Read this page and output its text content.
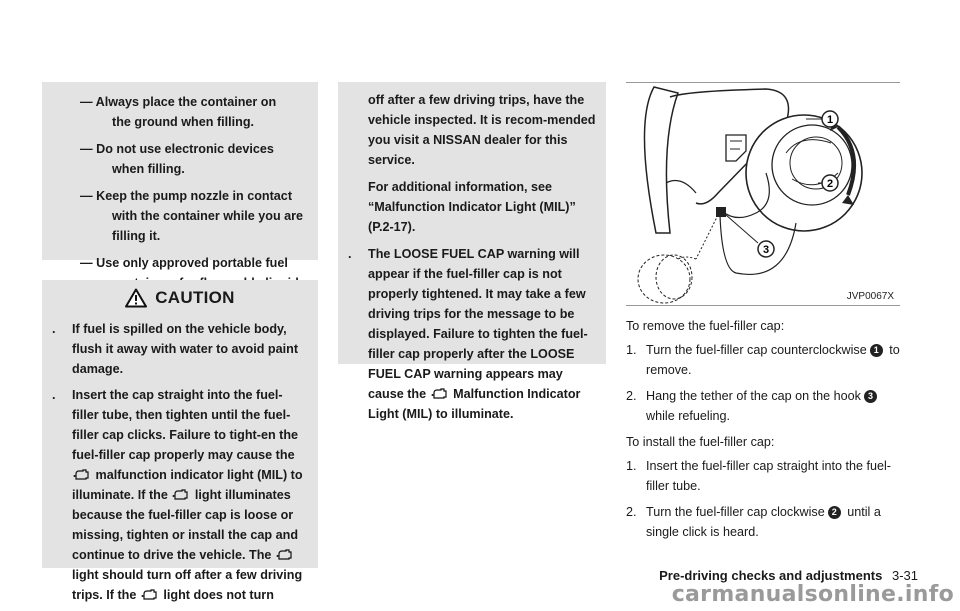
— Always place the container on
the ground when filling.
— Do not use electronic devices
when filling.
— Keep the pump nozzle in contact
with the container while you are filling it.
— Use only approved portable fuel
CAUTION
. If fuel is spilled on the vehicle body, flush it away with water to avoid paint damage.
. Insert the cap straight into the fuel-filler tube, then tighten until the fuel-filler cap clicks. Failure to tight-en the fuel-filler cap properly may cause the  malfunction indicator light (MIL) to illuminate. If the light illuminates because the fuel-filler cap is loose or missing, tighten or install the cap and continue to drive the vehicle. The  light should turn off after a few driving trips. If the light does not turn

off after a few driving trips, have the vehicle inspected. It is recom-mended you visit a NISSAN dealer for this service.

For additional information, see “Malfunction Indicator Light (MIL)” (P.2-17).

. The LOOSE FUEL CAP warning will appear if the fuel-filler cap is not properly tightened. It may take a few driving trips for the message to be displayed. Failure to tighten the fuel-filler cap properly after the LOOSE FUEL CAP warning appears may cause the Malfunction Indicator Light (MIL) to illuminate.
1
2
3
JVP0067X

To remove the fuel-filler cap:

1. Turn the fuel-filler cap counterclockwise 1 to remove.
2. Hang the tether of the cap on the hook 3 while refueling.

To install the fuel-filler cap:

1. Insert the fuel-filler cap straight into the fuel-filler tube.
2. Turn the fuel-filler cap clockwise 2 until a single click is heard.
Pre-driving checks and adjustments 3-31
carmanualsonline.info
